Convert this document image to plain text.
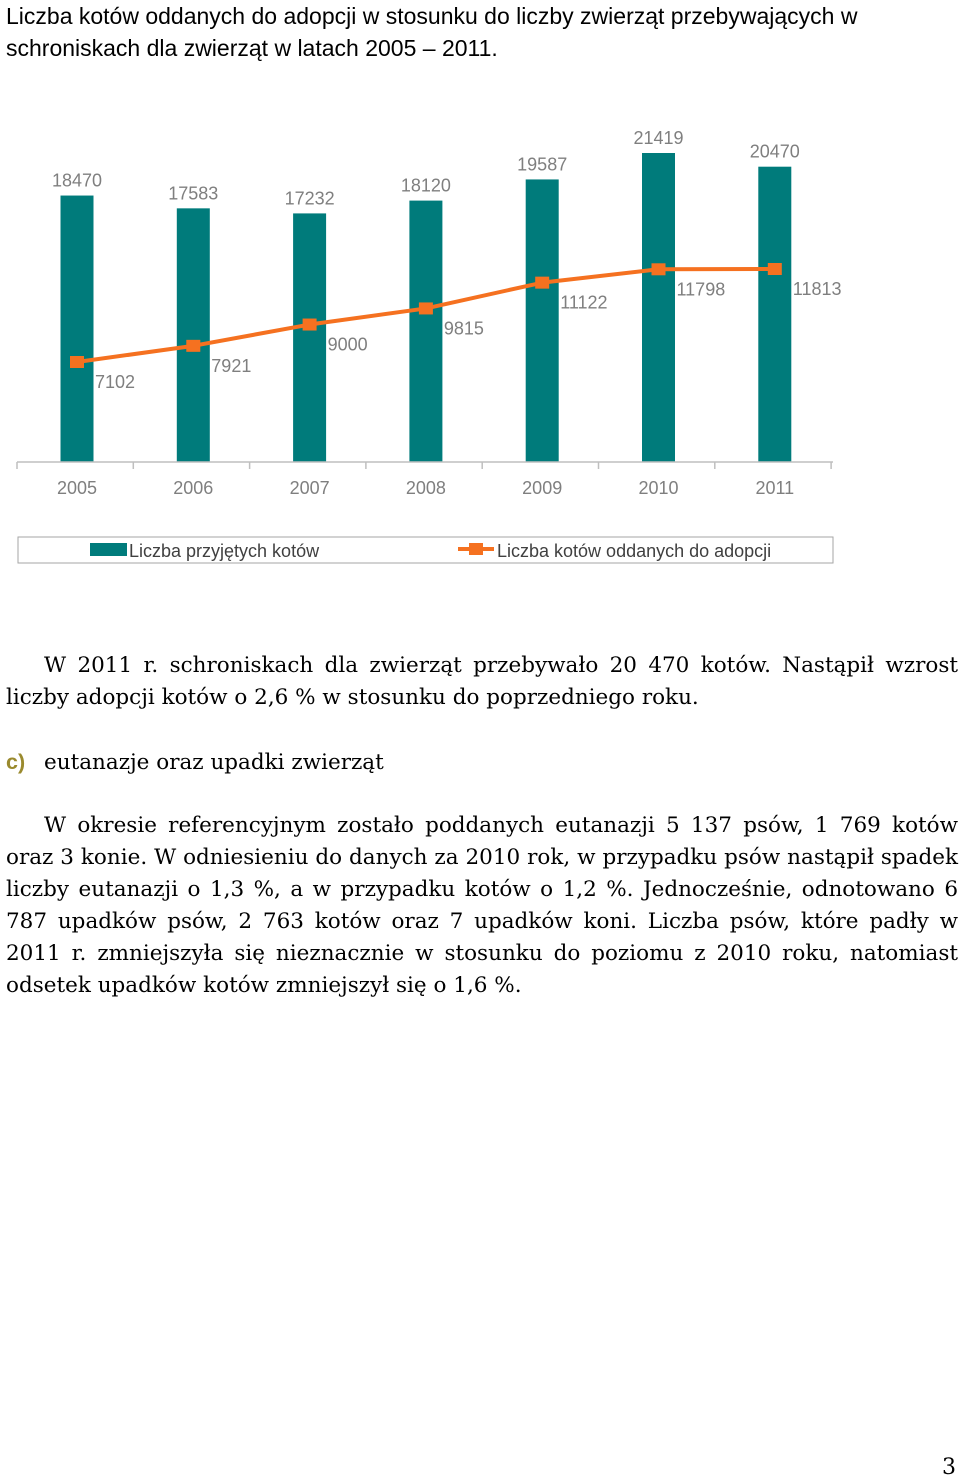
Liczba kotów oddanych do adopcji w stosunku do liczby zwierząt przebywających w schroniskach dla zwierząt w latach 2005 – 2011.
2005	2006	2007	2008	2009	2010	2011
18470
17583	17232
18120
19587
21419
20470
7102
7921
9000
9815
11122
11798	11813
Liczba przyjętych kotów	Liczba kotów oddanych do adopcji
W 2011 r. schroniskach dla zwierząt przebywało 20 470 kotów. Nastąpił wzrost liczby adopcji kotów o 2,6 % w stosunku do poprzedniego roku.
c) eutanazje oraz upadki zwierząt
W okresie referencyjnym zostało poddanych eutanazji 5 137 psów, 1 769 kotów oraz 3 konie. W odniesieniu do danych za 2010 rok, w przypadku psów nastąpił spadek liczby eutanazji o 1,3 %, a w przypadku kotów o 1,2 %. Jednocześnie, odnotowano 6 787 upadków psów, 2 763 kotów oraz 7 upadków koni. Liczba psów, które padły w 2011 r. zmniejszyła się nieznacznie w stosunku do poziomu z 2010 roku, natomiast odsetek upadków kotów zmniejszył się o 1,6 %.
3
